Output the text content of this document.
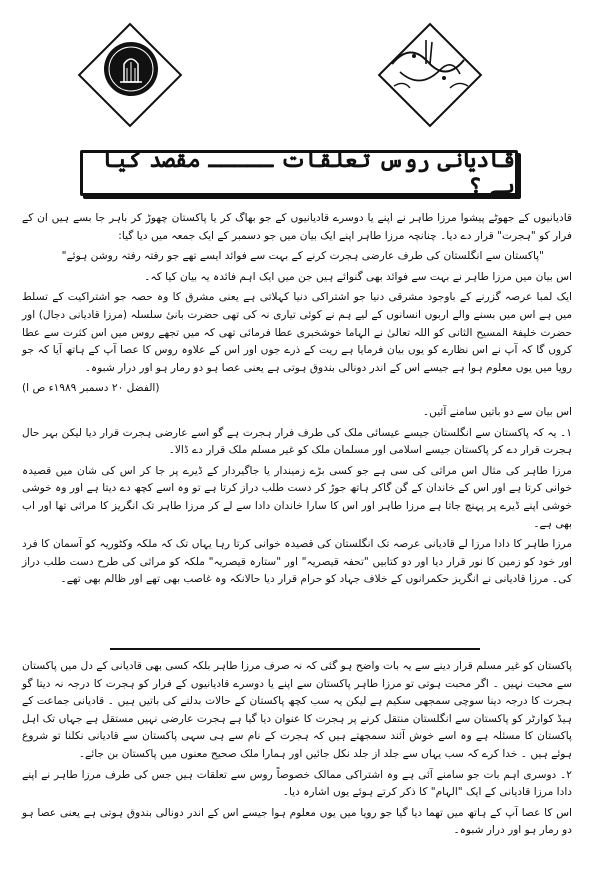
قادیانی روس تعلقات ـــــ مقصد کیا ہے ؟

قادیانیوں کے جھوٹے پیشوا مرزا طاہر نے اپنے یا دوسرے قادیانیوں کے جو بھاگ کر یا پاکستان چھوڑ کر باہر جا بسے ہیں ان کے فرار کو "ہجرت" قرار دے دیا۔ چنانچہ مرزا طاہر اپنے ایک بیان میں جو دسمبر کے ایک جمعہ میں دیا گیا:

"پاکستان سے انگلستان کی طرف عارضی ہجرت کرنے کے بہت سے فوائد ایسے تھے جو رفتہ رفتہ روشن ہوئے"

اس بیان میں مرزا طاہر نے بہت سے فوائد بھی گنوائے ہیں جن میں ایک اہم فائدہ یہ بیان کیا کہ۔

ایک لمبا عرصہ گزرنے کے باوجود مشرقی دنیا جو اشتراکی دنیا کہلاتی ہے یعنی مشرق کا وہ حصہ جو اشتراکیت کے تسلط میں ہے اس میں بسنے والے اربوں انسانوں کے لیے ہم نے کوئی تیاری نہ کی تھی حضرت بانیٔ سلسلہ (مرزا قادیانی دجال) اور حضرت خلیفۃ المسیح الثانی کو اللہ تعالیٰ نے الہاما خوشخبری عطا فرمائی تھی کہ میں تجھے روس میں اس کثرت سے عطا کروں گا کہ آپ نے اس نظارے کو یوں بیان فرمایا ہے ریت کے ذرے جوں اور اس کے علاوہ روس کا عصا آپ کے ہاتھ آیا کہ جو رویا میں یوں معلوم ہوا ہے جیسے اس کے اندر دونالی بندوق ہوتی ہے یعنی عصا ہو دو رمار ہو اور درار شبوہ۔

(الفضل ٢٠ دسمبر ١٩٨٩ء ص ا)

اس بیان سے دو باتیں سامنے آئیں۔

١۔ یہ کہ پاکستان سے انگلستان جیسے عیسائی ملک کی طرف فرار ہجرت ہے گو اسے عارضی ہجرت قرار دیا لیکن بہر حال ہجرت قرار دے کر پاکستان جیسے اسلامی اور مسلمان ملک کو غیر مسلم ملک قرار دے ڈالا۔

مرزا طاہر کی مثال اس مراثی کی سی ہے جو کسی بڑے زمیندار یا جاگیردار کے ڈیرے پر جا کر اس کی شان میں قصیدہ خوانی کرتا ہے اور اس کے خاندان کے گن گاکر ہاتھ جوڑ کر دست طلب دراز کرتا ہے تو وہ اسے کچھ دے دیتا ہے اور وہ خوشی خوشی اپنے ڈیرے پر پہنچ جاتا ہے مرزا طاہر اور اس کا سارا خاندان دادا سے لے کر مرزا طاہر تک انگریز کا مراثی تھا اور اب بھی ہے۔

مرزا طاہر کا دادا مرزا لے قادیانی عرصہ تک انگلستان کی قصیدہ خوانی کرتا رہا یہاں تک کہ ملکہ وکٹوریہ کو آسمان کا فرد اور خود کو زمین کا نور قرار دیا اور دو کتابیں "تحفہ قیصریہ" اور "ستارہ قیصریہ" ملکہ کو مراثی کی طرح دست طلب دراز کی۔ مرزا قادیانی نے انگریز حکمرانوں کے خلاف جہاد کو حرام قرار دیا حالانکہ وہ غاصب بھی تھے اور ظالم بھی تھے۔

پاکستان کو غیر مسلم قرار دینے سے یہ بات واضح ہو گئی کہ نہ صرف مرزا طاہر بلکہ کسی بھی قادیانی کے دل میں پاکستان سے محبت نہیں ۔ اگر محبت ہوتی تو مرزا طاہر پاکستان سے اپنے یا دوسرے قادیانیوں کے فرار کو ہجرت کا درجہ نہ دیتا گو ہجرت کا درجہ دینا سوچی سمجھی سکیم ہے لیکن یہ سب کچھ پاکستان کے حالات بدلنے کی باتیں ہیں ۔ قادیانی جماعت کے ہیڈ کوارٹر کو پاکستان سے انگلستان منتقل کرنے پر ہجرت کا عنوان دیا گیا ہے ہجرت عارضی نہیں مستقل ہے جہاں تک اہل پاکستان کا مسئلہ ہے وہ اسے خوش آئند سمجھتے ہیں کہ ہجرت کے نام سے ہی سہی پاکستان سے قادیانی نکلنا تو شروع ہوئے ہیں ۔ خدا کرے کہ سب یہاں سے جلد از جلد نکل جائیں اور ہمارا ملک صحیح معنوں میں پاکستان بن جائے۔

٢۔ دوسری اہم بات جو سامنے آئی ہے وہ اشتراکی ممالک خصوصاً روس سے تعلقات ہیں جس کی طرف مرزا طاہر نے اپنے دادا مرزا قادیانی کے ایک "الہام" کا ذکر کرتے ہوئے یوں اشارہ دیا۔

اس کا عصا آپ کے ہاتھ میں تھما دیا گیا جو رویا میں یوں معلوم ہوا جیسے اس کے اندر دونالی بندوق ہوتی ہے یعنی عصا ہو دو رمار ہو اور درار شبوہ۔
